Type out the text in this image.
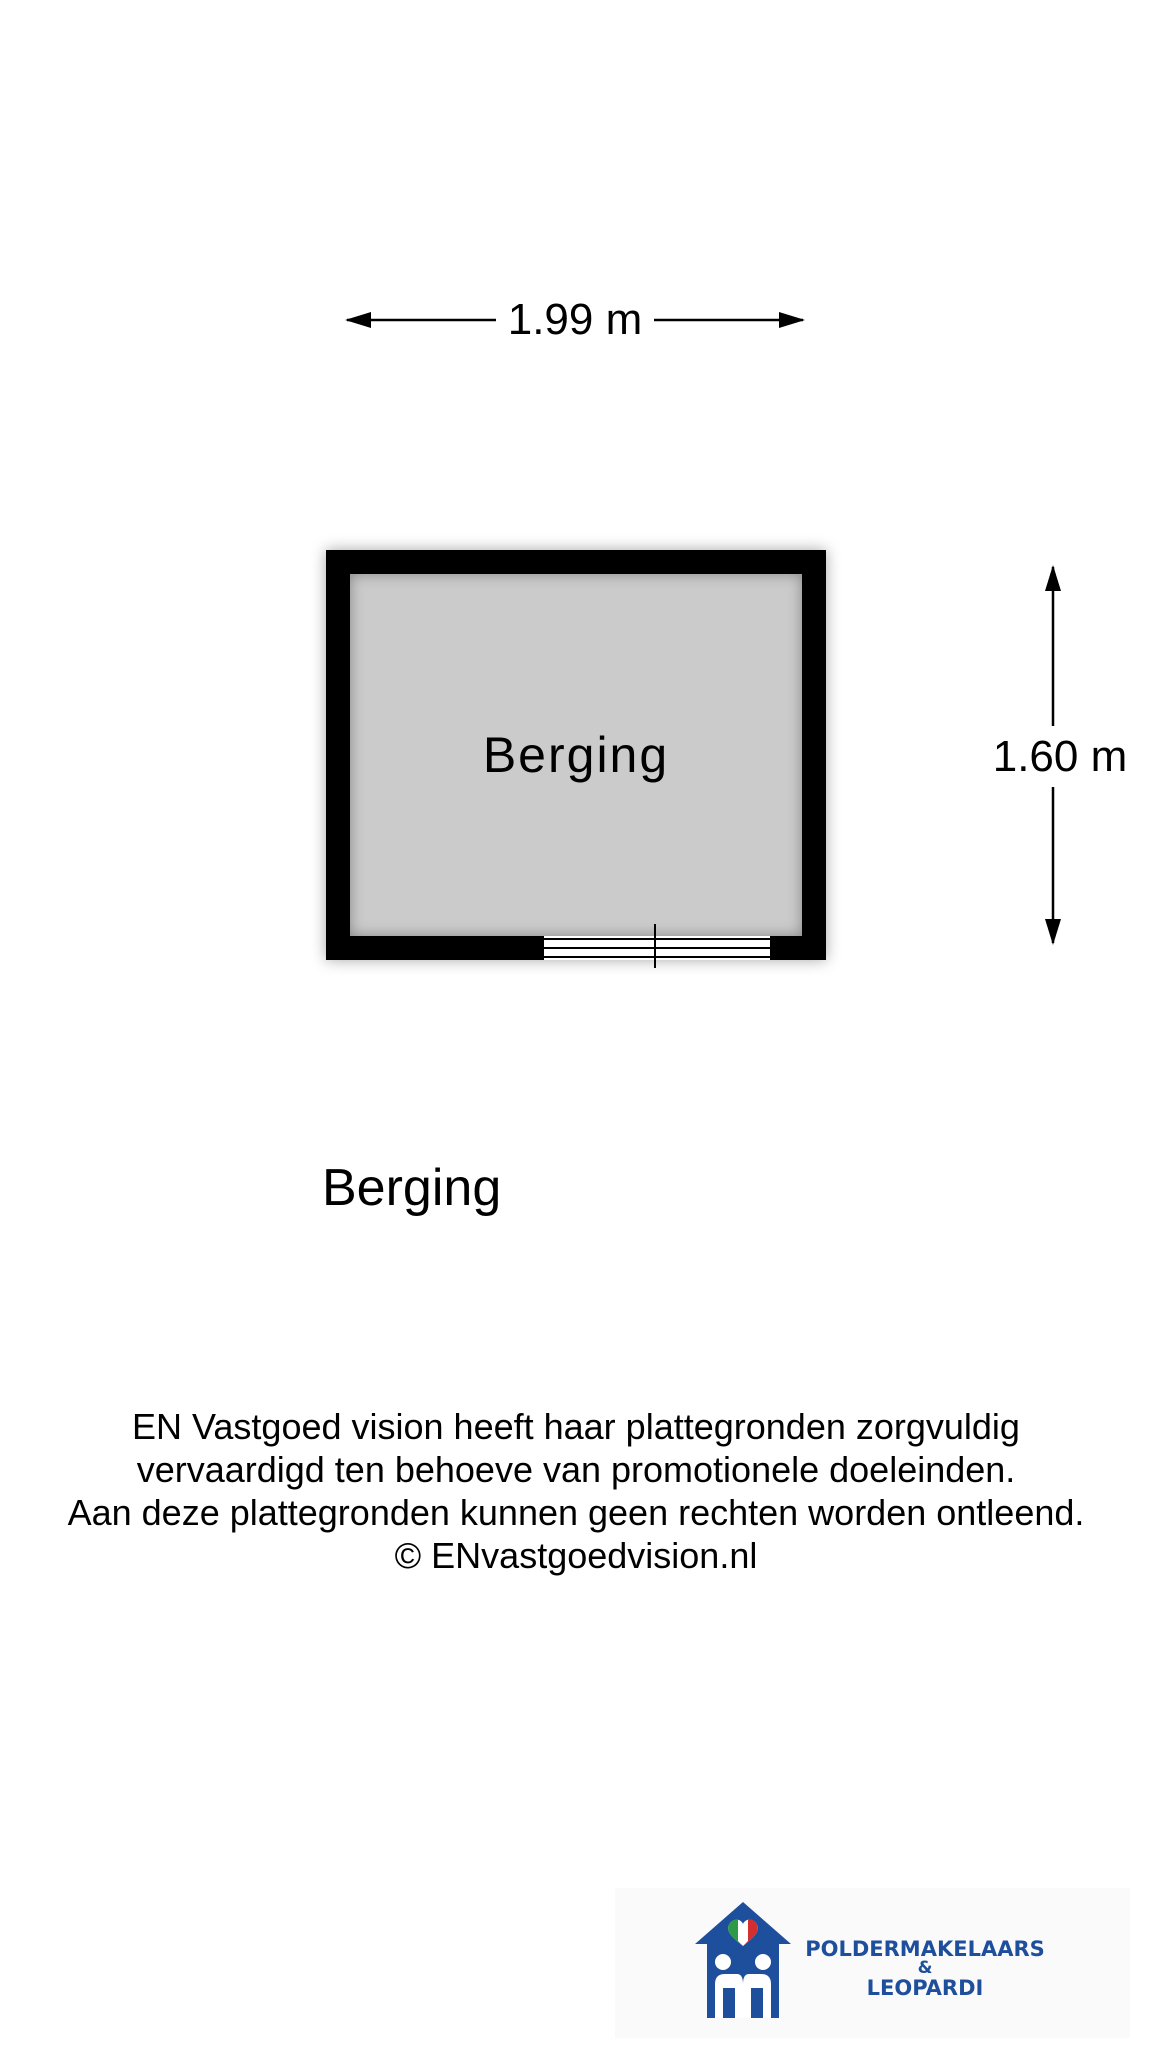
1.99 m
1.60 m
Berging
Berging
EN Vastgoed vision heeft haar plattegronden zorgvuldig
vervaardigd ten behoeve van promotionele doeleinden.
Aan deze plattegronden kunnen geen rechten worden ontleend.
© ENvastgoedvision.nl
POLDERMAKELAARS
&
LEOPARDI
